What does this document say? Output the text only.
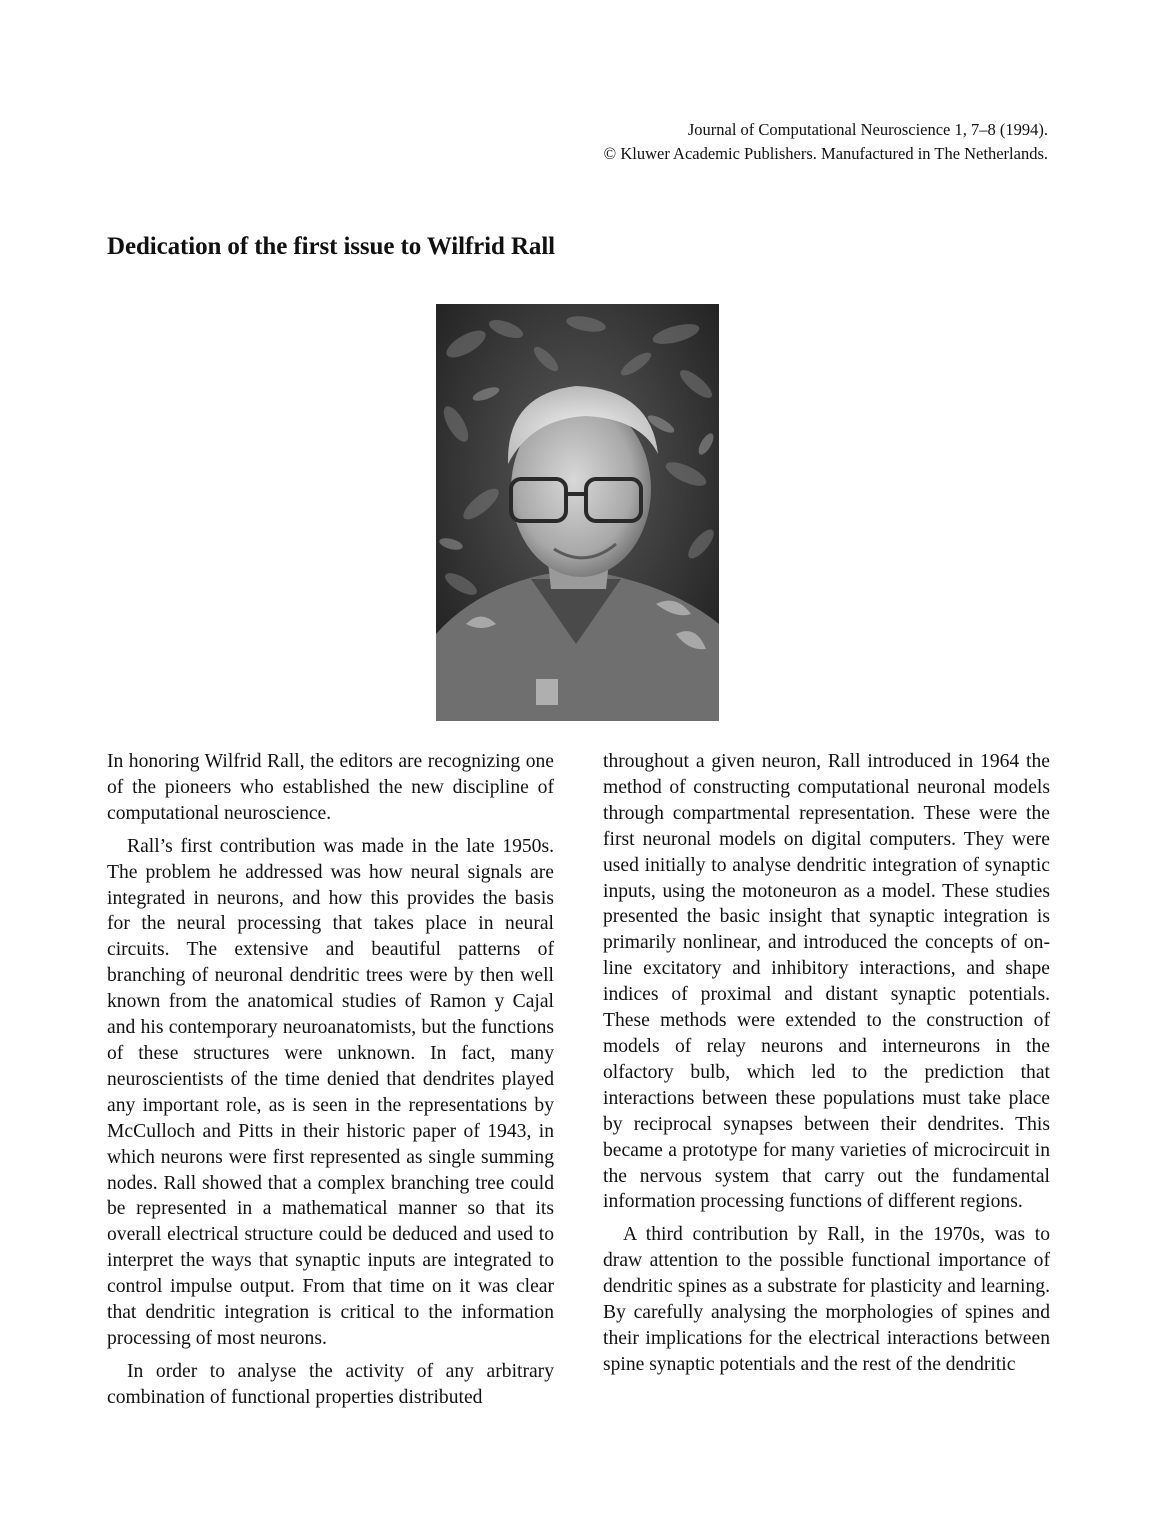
Journal of Computational Neuroscience 1, 7–8 (1994).
© Kluwer Academic Publishers. Manufactured in The Netherlands.
Dedication of the first issue to Wilfrid Rall

In honoring Wilfrid Rall, the editors are recognizing one of the pioneers who established the new discipline of computational neuroscience.

Rall’s first contribution was made in the late 1950s. The problem he addressed was how neural signals are integrated in neurons, and how this provides the basis for the neural processing that takes place in neural circuits. The extensive and beautiful patterns of branching of neuronal dendritic trees were by then well known from the anatomical studies of Ramon y Cajal and his contemporary neuroanatomists, but the functions of these structures were unknown. In fact, many neuroscientists of the time denied that dendrites played any important role, as is seen in the representations by McCulloch and Pitts in their historic paper of 1943, in which neurons were first represented as single summing nodes. Rall showed that a complex branching tree could be represented in a mathematical manner so that its overall electrical structure could be deduced and used to interpret the ways that synaptic inputs are integrated to control impulse output. From that time on it was clear that dendritic integration is critical to the information processing of most neurons.

In order to analyse the activity of any arbitrary combination of functional properties distributed

throughout a given neuron, Rall introduced in 1964 the method of constructing computational neuronal models through compartmental representation. These were the first neuronal models on digital computers. They were used initially to analyse dendritic integration of synaptic inputs, using the motoneuron as a model. These studies presented the basic insight that synaptic integration is primarily nonlinear, and introduced the concepts of on-line excitatory and inhibitory interactions, and shape indices of proximal and distant synaptic potentials. These methods were extended to the construction of models of relay neurons and interneurons in the olfactory bulb, which led to the prediction that interactions between these populations must take place by reciprocal synapses between their dendrites. This became a prototype for many varieties of microcircuit in the nervous system that carry out the fundamental information processing functions of different regions.

A third contribution by Rall, in the 1970s, was to draw attention to the possible functional importance of dendritic spines as a substrate for plasticity and learning. By carefully analysing the morphologies of spines and their implications for the electrical interactions between spine synaptic potentials and the rest of the dendritic
